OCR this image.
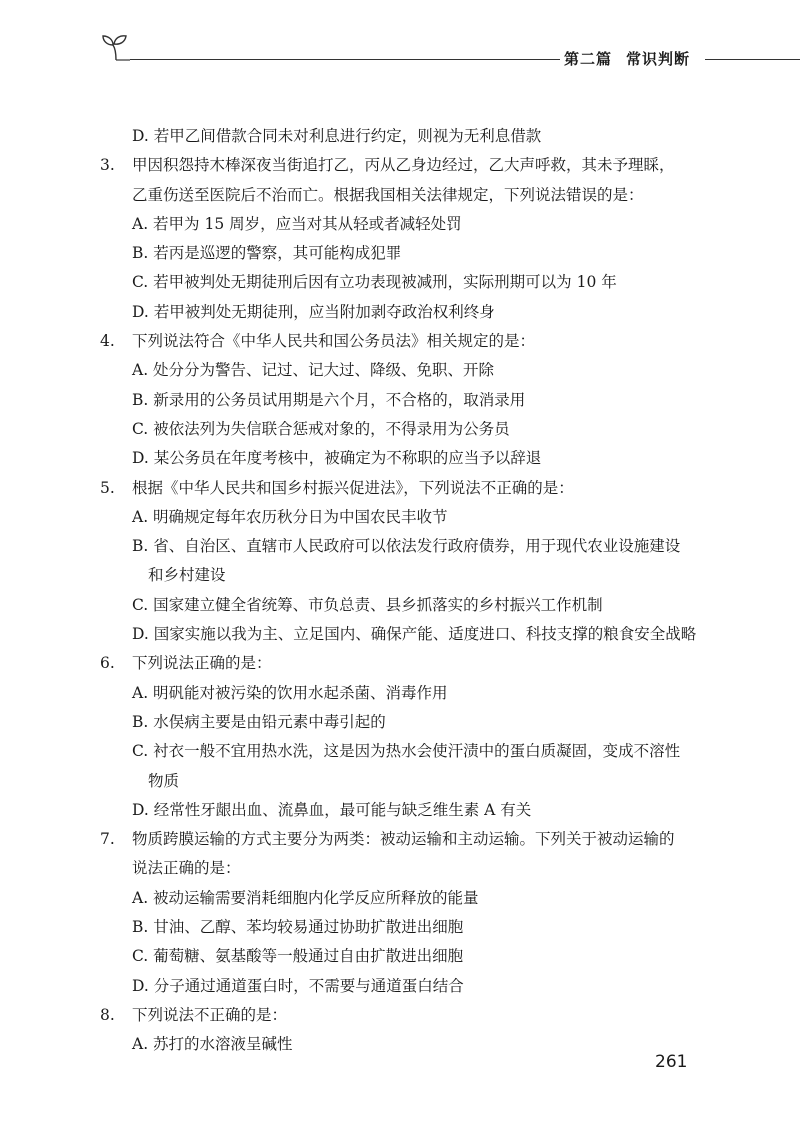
第二篇 常识判断
D. 若甲乙间借款合同未对利息进行约定，则视为无利息借款
3. 甲因积怨持木棒深夜当街追打乙，丙从乙身边经过，乙大声呼救，其未予理睬，
乙重伤送至医院后不治而亡。根据我国相关法律规定，下列说法错误的是：
A. 若甲为 15 周岁，应当对其从轻或者减轻处罚
B. 若丙是巡逻的警察，其可能构成犯罪
C. 若甲被判处无期徒刑后因有立功表现被减刑，实际刑期可以为 10 年
D. 若甲被判处无期徒刑，应当附加剥夺政治权利终身
4. 下列说法符合《中华人民共和国公务员法》相关规定的是：
A. 处分分为警告、记过、记大过、降级、免职、开除
B. 新录用的公务员试用期是六个月，不合格的，取消录用
C. 被依法列为失信联合惩戒对象的，不得录用为公务员
D. 某公务员在年度考核中，被确定为不称职的应当予以辞退
5. 根据《中华人民共和国乡村振兴促进法》，下列说法不正确的是：
A. 明确规定每年农历秋分日为中国农民丰收节
B. 省、自治区、直辖市人民政府可以依法发行政府债券，用于现代农业设施建设
和乡村建设
C. 国家建立健全省统筹、市负总责、县乡抓落实的乡村振兴工作机制
D. 国家实施以我为主、立足国内、确保产能、适度进口、科技支撑的粮食安全战略
6. 下列说法正确的是：
A. 明矾能对被污染的饮用水起杀菌、消毒作用
B. 水俣病主要是由铅元素中毒引起的
C. 衬衣一般不宜用热水洗，这是因为热水会使汗渍中的蛋白质凝固，变成不溶性
物质
D. 经常性牙龈出血、流鼻血，最可能与缺乏维生素 A 有关
7. 物质跨膜运输的方式主要分为两类：被动运输和主动运输。下列关于被动运输的
说法正确的是：
A. 被动运输需要消耗细胞内化学反应所释放的能量
B. 甘油、乙醇、苯均较易通过协助扩散进出细胞
C. 葡萄糖、氨基酸等一般通过自由扩散进出细胞
D. 分子通过通道蛋白时，不需要与通道蛋白结合
8. 下列说法不正确的是：
A. 苏打的水溶液呈碱性
261
